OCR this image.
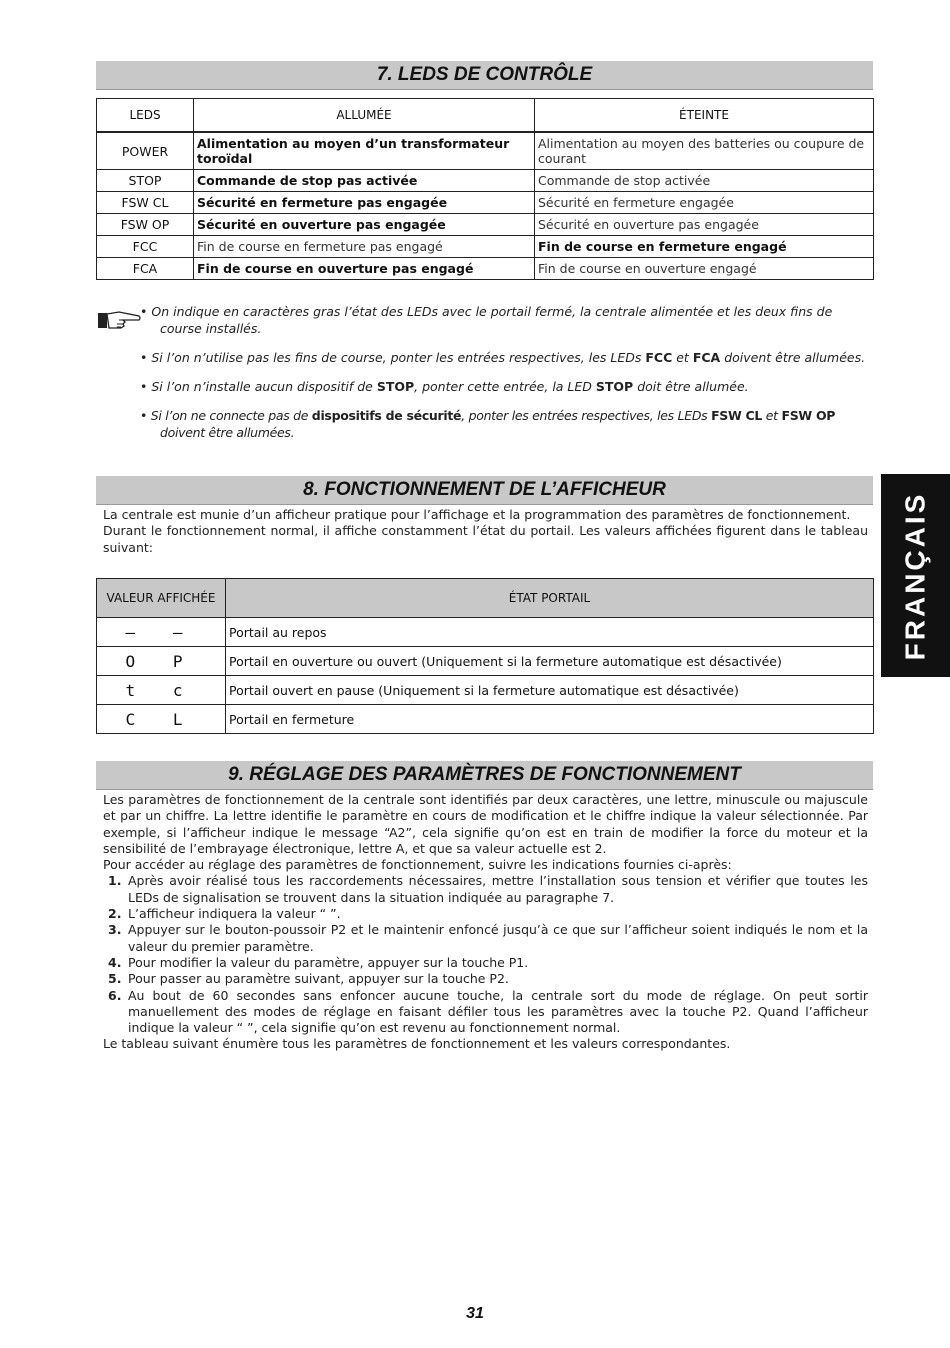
7. LEDS DE CONTRÔLE
LEDS	ALLUMÉE	ÉTEINTE
POWER	Alimentation au moyen d’un transformateur toroïdal	Alimentation au moyen des batteries ou coupure de courant
STOP	Commande de stop pas activée	Commande de stop activée
FSW CL	Sécurité en fermeture pas engagée	Sécurité en fermeture engagée
FSW OP	Sécurité en ouverture pas engagée	Sécurité en ouverture pas engagée
FCC	Fin de course en fermeture pas engagé	Fin de course en fermeture engagé
FCA	Fin de course en ouverture pas engagé	Fin de course en ouverture engagé

• On indique en caractères gras l’état des LEDs avec le portail fermé, la centrale alimentée et les deux fins de course installés.

• Si l’on n’utilise pas les fins de course, ponter les entrées respectives, les LEDs FCC et FCA doivent être allumées.

• Si l’on n’installe aucun dispositif de STOP, ponter cette entrée, la LED STOP doit être allumée.

• Si l’on ne connecte pas de dispositifs de sécurité, ponter les entrées respectives, les LEDs FSW CL et FSW OP doivent être allumées.

8. FONCTIONNEMENT DE L’AFFICHEUR

La centrale est munie d’un afficheur pratique pour l’affichage et la programmation des paramètres de fonctionnement.

Durant le fonctionnement normal, il affiche constamment l’état du portail. Les valeurs affichées figurent dans le tableau suivant:

VALEUR AFFICHÉE	ÉTAT PORTAIL
– –	Portail au repos
O P	Portail en ouverture ou ouvert (Uniquement si la fermeture automatique est désactivée)
t c	Portail ouvert en pause (Uniquement si la fermeture automatique est désactivée)
C L	Portail en fermeture
9. RÉGLAGE DES PARAMÈTRES DE FONCTIONNEMENT

Les paramètres de fonctionnement de la centrale sont identifiés par deux caractères, une lettre, minuscule ou majuscule et par un chiffre. La lettre identifie le paramètre en cours de modification et le chiffre indique la valeur sélectionnée. Par exemple, si l’afficheur indique le message “A2”, cela signifie qu’on est en train de modifier la force du moteur et la sensibilité de l’embrayage électronique, lettre A, et que sa valeur actuelle est 2.

Pour accéder au réglage des paramètres de fonctionnement, suivre les indications fournies ci-après:

1. Après avoir réalisé tous les raccordements nécessaires, mettre l’installation sous tension et vérifier que toutes les LEDs de signalisation se trouvent dans la situation indiquée au paragraphe 7.

2. L’afficheur indiquera la valeur “ ”.

3. Appuyer sur le bouton-poussoir P2 et le maintenir enfoncé jusqu’à ce que sur l’afficheur soient indiqués le nom et la valeur du premier paramètre.

4. Pour modifier la valeur du paramètre, appuyer sur la touche P1.

5. Pour passer au paramètre suivant, appuyer sur la touche P2.

6. Au bout de 60 secondes sans enfoncer aucune touche, la centrale sort du mode de réglage. On peut sortir manuellement des modes de réglage en faisant défiler tous les paramètres avec la touche P2. Quand l’afficheur indique la valeur “ ”, cela signifie qu’on est revenu au fonctionnement normal.

Le tableau suivant énumère tous les paramètres de fonctionnement et les valeurs correspondantes.

FRANÇAIS
31
